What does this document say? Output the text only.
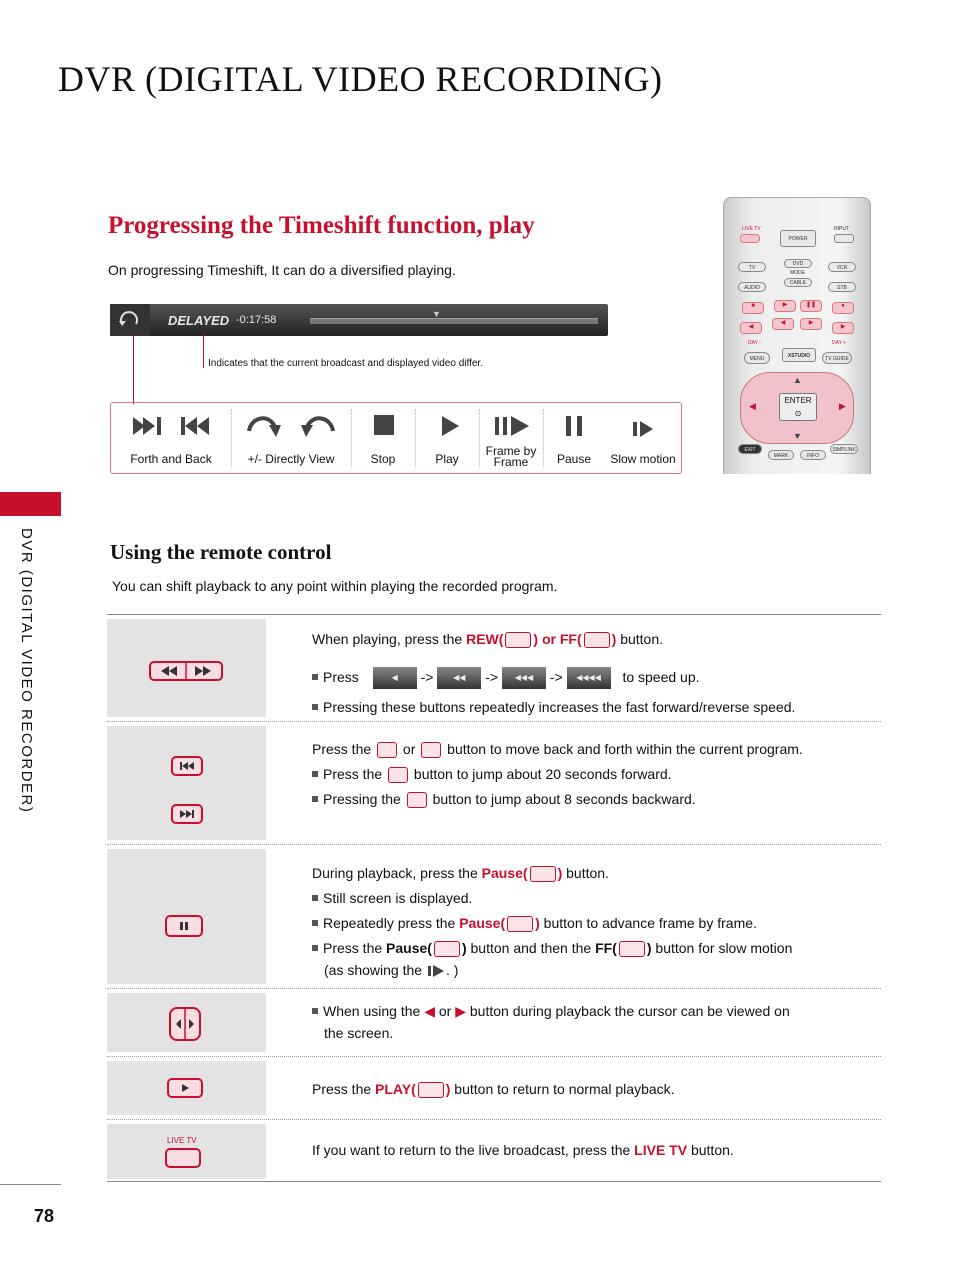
DVR (DIGITAL VIDEO RECORDING)
Progressing the Timeshift function, play
On progressing Timeshift, It can do a diversified playing.
DELAYED -0:17:58	▼
Indicates that the current broadcast and displayed video differ.
Forth and Back	+/- Directly View	Stop	Play
Frame by
Frame	Pause	Slow motion
LIVE TV	INPUT
POWER
TV
DVD
VCR
MODE
AUDIO
CABLE
STB
■	▶	❚❚	●
◀
◀	▶
▶
DAY -	DAY +
MENU	XSTUDIO	TV GUIDE
▲
▼
◀	▶
ENTER
⊙
EXIT
MARK	INFO
SIMPLINK
DVR (DIGITAL VIDEO RECORDER)	Using the remote control
You can shift playback to any point within playing the recorded program.
When playing, press the REW( ) or FF( ) button.
Press	◀ -> ◀◀ -> ◀◀◀ -> ◀◀◀◀ to speed up.
Pressing these buttons repeatedly increases the fast forward/reverse speed.
Press the or button to move back and forth within the current program.
Press the button to jump about 20 seconds forward.
Pressing the button to jump about 8 seconds backward.
During playback, press the Pause( ) button.
Still screen is displayed.
Repeatedly press the Pause( ) button to advance frame by frame.
Press the Pause( ) button and then the FF( ) button for slow motion
(as showing the . )
When using the ◀ or ▶ button during playback the cursor can be viewed on
the screen.
Press the PLAY( ) button to return to normal playback.
LIVE TV
If you want to return to the live broadcast, press the LIVE TV button.
78
